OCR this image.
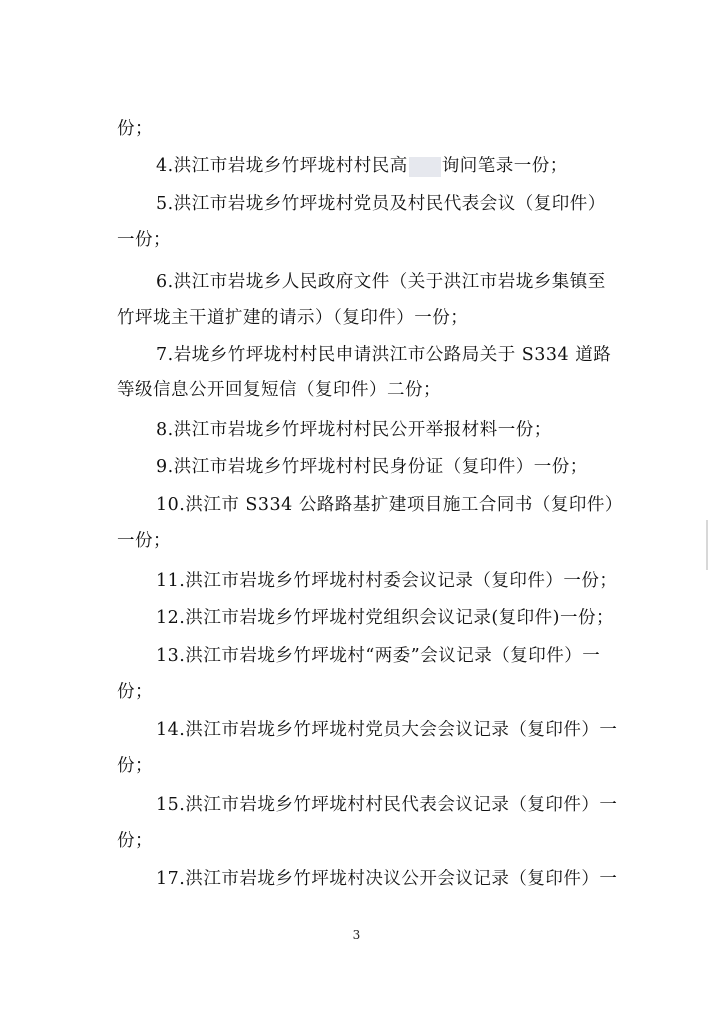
份；
4.洪江市岩垅乡竹坪垅村村民高 询问笔录一份；
5.洪江市岩垅乡竹坪垅村党员及村民代表会议（复印件）
一份；
6.洪江市岩垅乡人民政府文件（关于洪江市岩垅乡集镇至
竹坪垅主干道扩建的请示）（复印件）一份；
7.岩垅乡竹坪垅村村民申请洪江市公路局关于 S334 道路
等级信息公开回复短信（复印件）二份；
8.洪江市岩垅乡竹坪垅村村民公开举报材料一份；
9.洪江市岩垅乡竹坪垅村村民身份证（复印件）一份；
10.洪江市 S334 公路路基扩建项目施工合同书（复印件）
一份；
11.洪江市岩垅乡竹坪垅村村委会议记录（复印件）一份；
12.洪江市岩垅乡竹坪垅村党组织会议记录(复印件)一份；
13.洪江市岩垅乡竹坪垅村“两委”会议记录（复印件）一
份；
14.洪江市岩垅乡竹坪垅村党员大会会议记录（复印件）一
份；
15.洪江市岩垅乡竹坪垅村村民代表会议记录（复印件）一
份；
17.洪江市岩垅乡竹坪垅村决议公开会议记录（复印件）一
3
